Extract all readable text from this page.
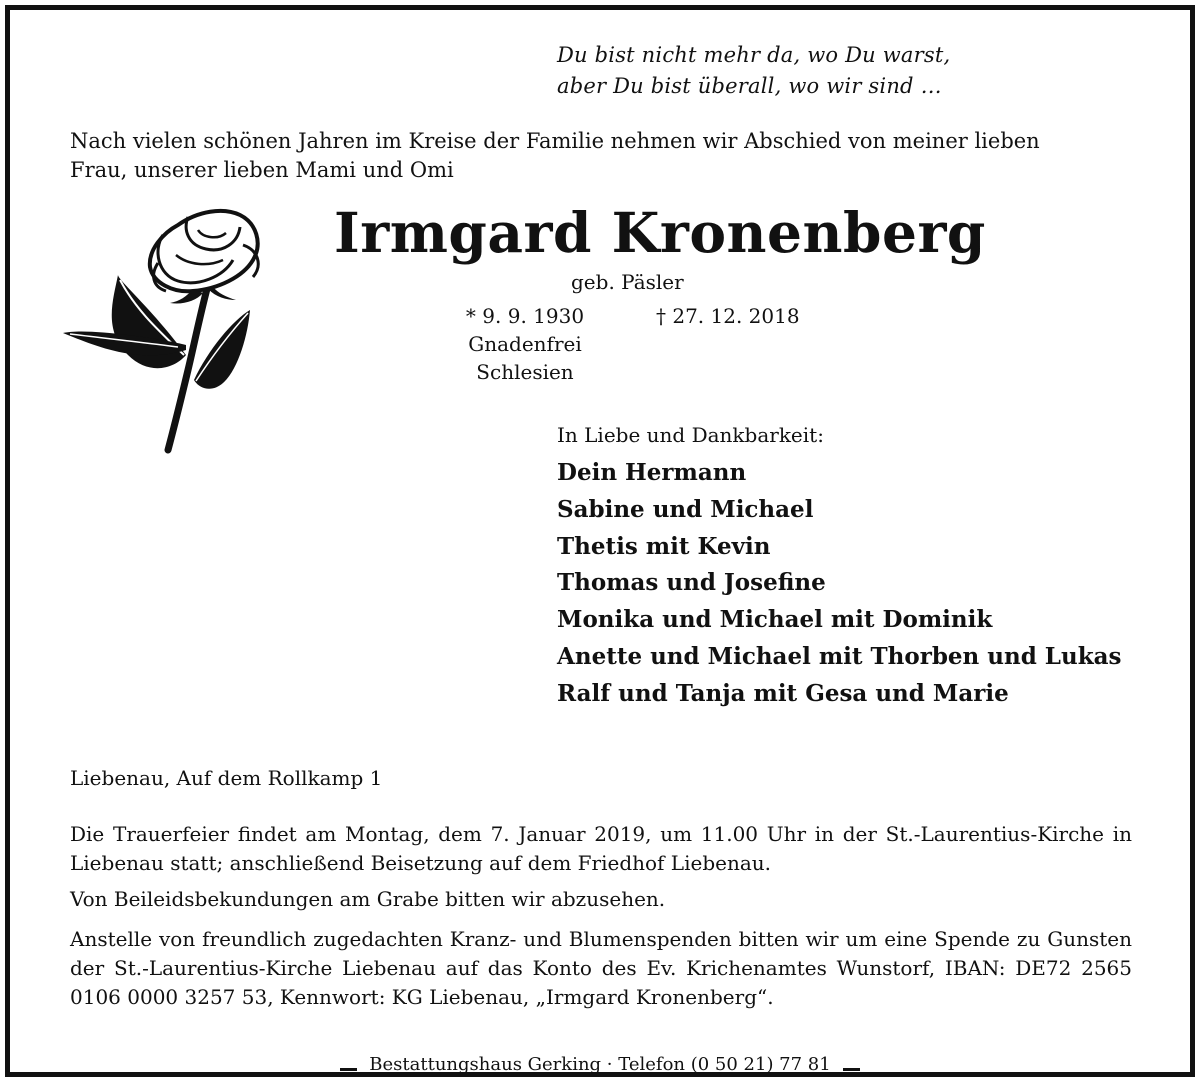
Du bist nicht mehr da, wo Du warst,
aber Du bist überall, wo wir sind …
Nach vielen schönen Jahren im Kreise der Familie nehmen wir Abschied von meiner lieben
Frau, unserer lieben Mami und Omi
Irmgard Kronenberg
geb. Päsler
* 9. 9. 1930
Gnadenfrei
Schlesien
† 27. 12. 2018
In Liebe und Dankbarkeit:
Dein Hermann
Sabine und Michael
Thetis mit Kevin
Thomas und Josefine
Monika und Michael mit Dominik
Anette und Michael mit Thorben und Lukas
Ralf und Tanja mit Gesa und Marie
Liebenau, Auf dem Rollkamp 1

Die Trauerfeier findet am Montag, dem 7. Januar 2019, um 11.00 Uhr in der St.-Laurentius-Kirche in Liebenau statt; anschließend Beisetzung auf dem Friedhof Liebenau.

Von Beileidsbekundungen am Grabe bitten wir abzusehen.

Anstelle von freundlich zugedachten Kranz- und Blumenspenden bitten wir um eine Spende zu Gunsten der St.-Laurentius-Kirche Liebenau auf das Konto des Ev. Krichenamtes Wunstorf, IBAN: DE72 2565 0106 0000 3257 53, Kennwort: KG Liebenau, „Irmgard Kronenberg“.

Bestattungshaus Gerking · Telefon (0 50 21) 77 81
